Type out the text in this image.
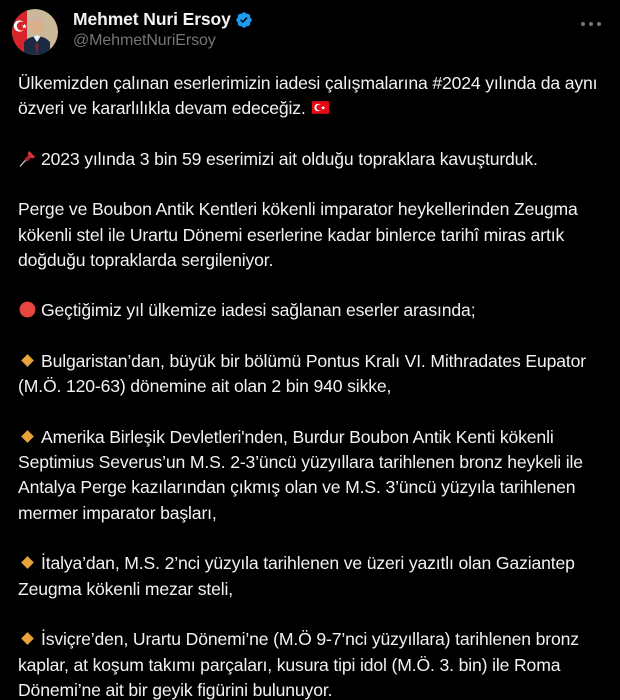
Mehmet Nuri Ersoy
@MehmetNuriErsoy

Ülkemizden çalınan eserlerimizin iadesi çalışmalarına #2024 yılında da aynı özveri ve kararlılıkla devam edeceğiz.

2023 yılında 3 bin 59 eserimizi ait olduğu topraklara kavuşturduk.

Perge ve Boubon Antik Kentleri kökenli imparator heykellerinden Zeugma kökenli stel ile Urartu Dönemi eserlerine kadar binlerce tarihî miras artık doğduğu topraklarda sergileniyor.

Geçtiğimiz yıl ülkemize iadesi sağlanan eserler arasında;

Bulgaristan’dan, büyük bir bölümü Pontus Kralı VI. Mithradates Eupator (M.Ö. 120-63) dönemine ait olan 2 bin 940 sikke,

Amerika Birleşik Devletleri'nden, Burdur Boubon Antik Kenti kökenli Septimius Severus’un M.S. 2-3’üncü yüzyıllara tarihlenen bronz heykeli ile Antalya Perge kazılarından çıkmış olan ve M.S. 3’üncü yüzyıla tarihlenen mermer imparator başları,

İtalya’dan, M.S. 2’nci yüzyıla tarihlenen ve üzeri yazıtlı olan Gaziantep Zeugma kökenli mezar steli,

İsviçre’den, Urartu Dönemi’ne (M.Ö 9-7’nci yüzyıllara) tarihlenen bronz kaplar, at koşum takımı parçaları, kusura tipi idol (M.Ö. 3. bin) ile Roma Dönemi’ne ait bir geyik figürini bulunuyor.
